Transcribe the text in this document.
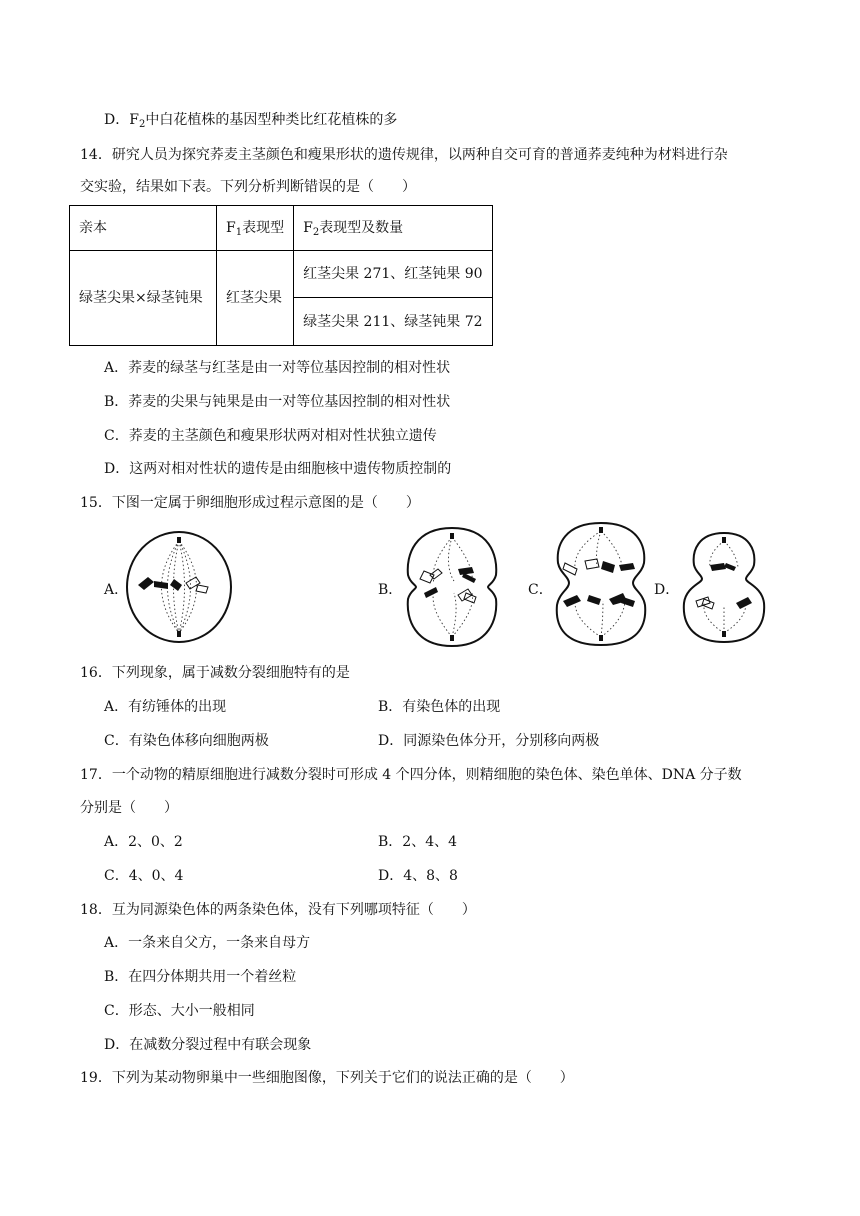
D．$F_2$中白花植株的基因型种类比红花植株的多
14．研究人员为探究荞麦主茎颜色和瘦果形状的遗传规律，以两种自交可育的普通荞麦纯种为材料进行杂
交实验，结果如下表。下列分析判断错误的是（　　）
亲本	$F_1$表现型	$F_2$表现型及数量
绿茎尖果×绿茎钝果	红茎尖果	红茎尖果 271、红茎钝果 90
		绿茎尖果 211、绿茎钝果 72
A．荞麦的绿茎与红茎是由一对等位基因控制的相对性状
B．荞麦的尖果与钝果是由一对等位基因控制的相对性状
C．荞麦的主茎颜色和瘦果形状两对相对性状独立遗传
D．这两对相对性状的遗传是由细胞核中遗传物质控制的
15．下图一定属于卵细胞形成过程示意图的是（　　）
A．	B．	C．	D．
16．下列现象，属于减数分裂细胞特有的是
A．有纺锤体的出现	B．有染色体的出现
C．有染色体移向细胞两极	D．同源染色体分开，分别移向两极
17．一个动物的精原细胞进行减数分裂时可形成 4 个四分体，则精细胞的染色体、染色单体、DNA 分子数
分别是（　　）
A．2、0、2	B．2、4、4
C．4、0、4	D．4、8、8
18．互为同源染色体的两条染色体，没有下列哪项特征（　　）
A．一条来自父方，一条来自母方
B．在四分体期共用一个着丝粒
C．形态、大小一般相同
D．在减数分裂过程中有联会现象
19．下列为某动物卵巢中一些细胞图像，下列关于它们的说法正确的是（　　）
